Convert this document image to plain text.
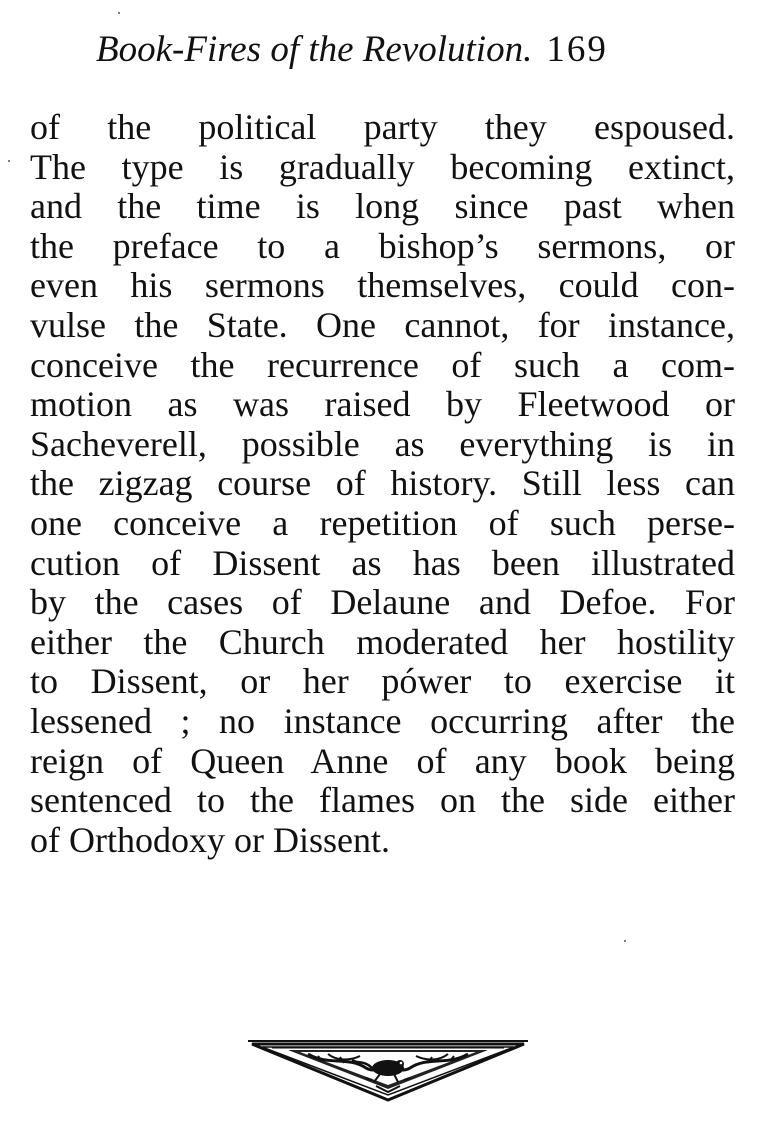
Book-Fires of the Revolution. 169
of the political party they espoused.
The type is gradually becoming extinct,
and the time is long since past when
the preface to a bishop’s sermons, or
even his sermons themselves, could con-
vulse the State. One cannot, for instance,
conceive the recurrence of such a com-
motion as was raised by Fleetwood or
Sacheverell, possible as everything is in
the zigzag course of history. Still less can
one conceive a repetition of such perse-
cution of Dissent as has been illustrated
by the cases of Delaune and Defoe. For
either the Church moderated her hostility
to Dissent, or her pówer to exercise it
lessened ; no instance occurring after the
reign of Queen Anne of any book being
sentenced to the flames on the side either
of Orthodoxy or Dissent.
